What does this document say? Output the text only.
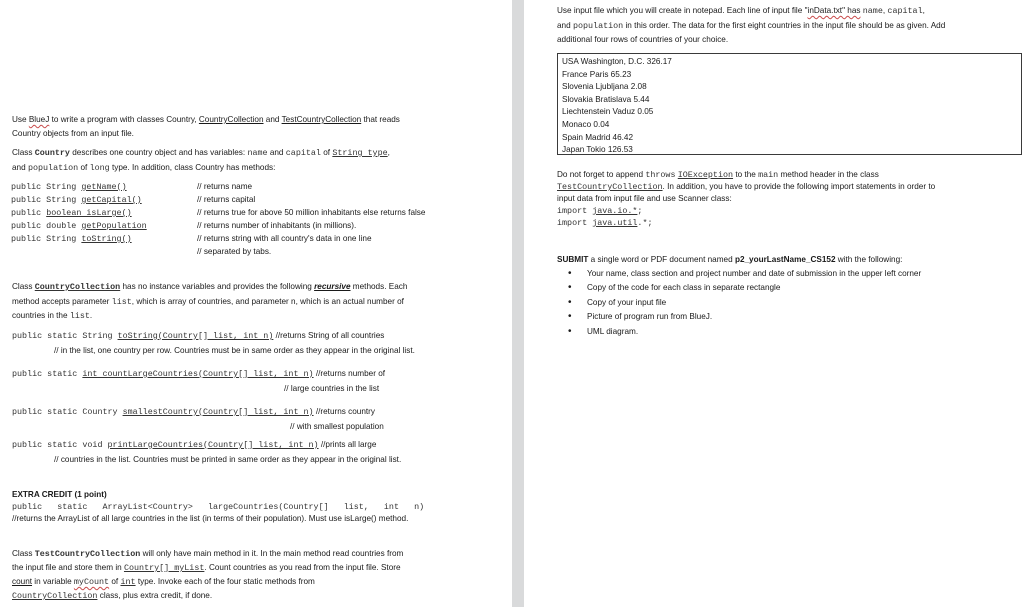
Use BlueJ to write a program with classes Country, CountryCollection and TestCountryCollection that reads
Country objects from an input file.
Class Country describes one country object and has variables: name and capital of String type,
and population of long type. In addition, class Country has methods:
public String getName()	// returns name
public String getCapital()	// returns capital
public boolean isLarge()	// returns true for above 50 million inhabitants else returns false
public double getPopulation	// returns number of inhabitants (in millions).
public String toString()	// returns string with all country's data in one line
	// separated by tabs.
Class CountryCollection has no instance variables and provides the following recursive methods. Each
method accepts parameter list, which is array of countries, and parameter n, which is an actual number of
countries in the list.
public static String toString(Country[] list, int n) //returns String of all countries
// in the list, one country per row. Countries must be in same order as they appear in the original list.
public static int countLargeCountries(Country[] list, int n) //returns number of
// large countries in the list
public static Country smallestCountry(Country[] list, int n) //returns country
// with smallest population
public static void printLargeCountries(Country[] list, int n) //prints all large
// countries in the list. Countries must be printed in same order as they appear in the original list.
EXTRA CREDIT (1 point)
public   static   ArrayList<Country>   largeCountries(Country[]   list,   int   n)
//returns the ArrayList of all large countries in the list (in terms of their population). Must use isLarge() method.
Class TestCountryCollection will only have main method in it. In the main method read countries from
the input file and store them in Country[] myList. Count countries as you read from the input file. Store
count in variable myCount of int type. Invoke each of the four static methods from
CountryCollection class, plus extra credit, if done.
Use input file which you will create in notepad. Each line of input file "inData.txt" has name, capital,
and population in this order. The data for the first eight countries in the input file should be as given. Add
additional four rows of countries of your choice.
USA Washington, D.C. 326.17
France Paris 65.23
Slovenia Ljubljana 2.08
Slovakia Bratislava 5.44
Liechtenstein Vaduz 0.05
Monaco 0.04
Spain Madrid 46.42
Japan Tokio 126.53
Do not forget to append throws IOException to the main method header in the class
TestCountryCollection. In addition, you have to provide the following import statements in order to
input data from input file and use Scanner class:
import java.io.*;
import java.util.*;
SUBMIT a single word or PDF document named p2_yourLastName_CS152 with the following:
• Your name, class section and project number and date of submission in the upper left corner
• Copy of the code for each class in separate rectangle
• Copy of your input file
• Picture of program run from BlueJ.
• UML diagram.
